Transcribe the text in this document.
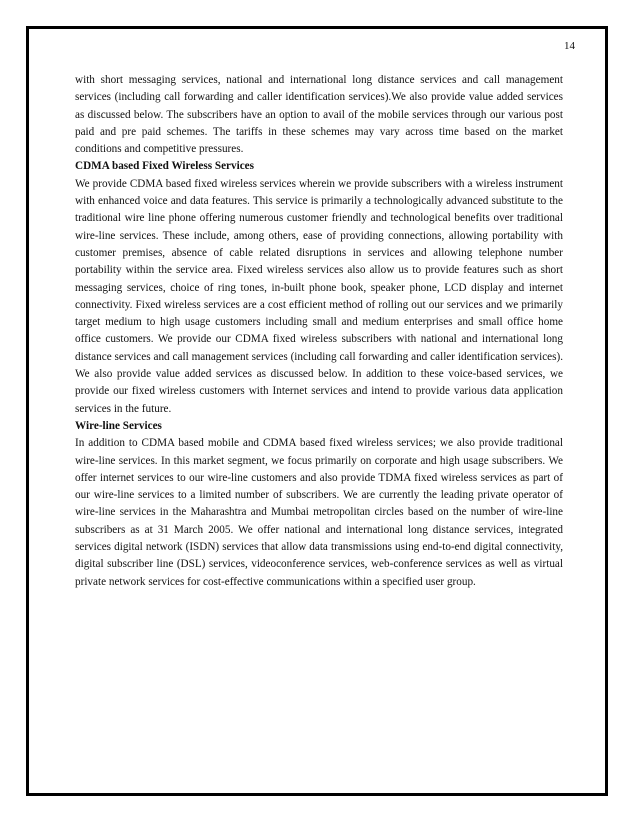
14

with short messaging services, national and international long distance services and call management services (including call forwarding and caller identification services).We also provide value added services as discussed below. The subscribers have an option to avail of the mobile services through our various post paid and pre paid schemes. The tariffs in these schemes may vary across time based on the market conditions and competitive pressures.

CDMA based Fixed Wireless Services

We provide CDMA based fixed wireless services wherein we provide subscribers with a wireless instrument with enhanced voice and data features. This service is primarily a technologically advanced substitute to the traditional wire line phone offering numerous customer friendly and technological benefits over traditional wire-line services. These include, among others, ease of providing connections, allowing portability with customer premises, absence of cable related disruptions in services and allowing telephone number portability within the service area. Fixed wireless services also allow us to provide features such as short messaging services, choice of ring tones, in-built phone book, speaker phone, LCD display and internet connectivity. Fixed wireless services are a cost efficient method of rolling out our services and we primarily target medium to high usage customers including small and medium enterprises and small office home office customers. We provide our CDMA fixed wireless subscribers with national and international long distance services and call management services (including call forwarding and caller identification services). We also provide value added services as discussed below. In addition to these voice-based services, we provide our fixed wireless customers with Internet services and intend to provide various data application services in the future.

Wire-line Services

In addition to CDMA based mobile and CDMA based fixed wireless services; we also provide traditional wire-line services. In this market segment, we focus primarily on corporate and high usage subscribers. We offer internet services to our wire-line customers and also provide TDMA fixed wireless services as part of our wire-line services to a limited number of subscribers. We are currently the leading private operator of wire-line services in the Maharashtra and Mumbai metropolitan circles based on the number of wire-line subscribers as at 31 March 2005. We offer national and international long distance services, integrated services digital network (ISDN) services that allow data transmissions using end-to-end digital connectivity, digital subscriber line (DSL) services, videoconference services, web-conference services as well as virtual private network services for cost-effective communications within a specified user group.
